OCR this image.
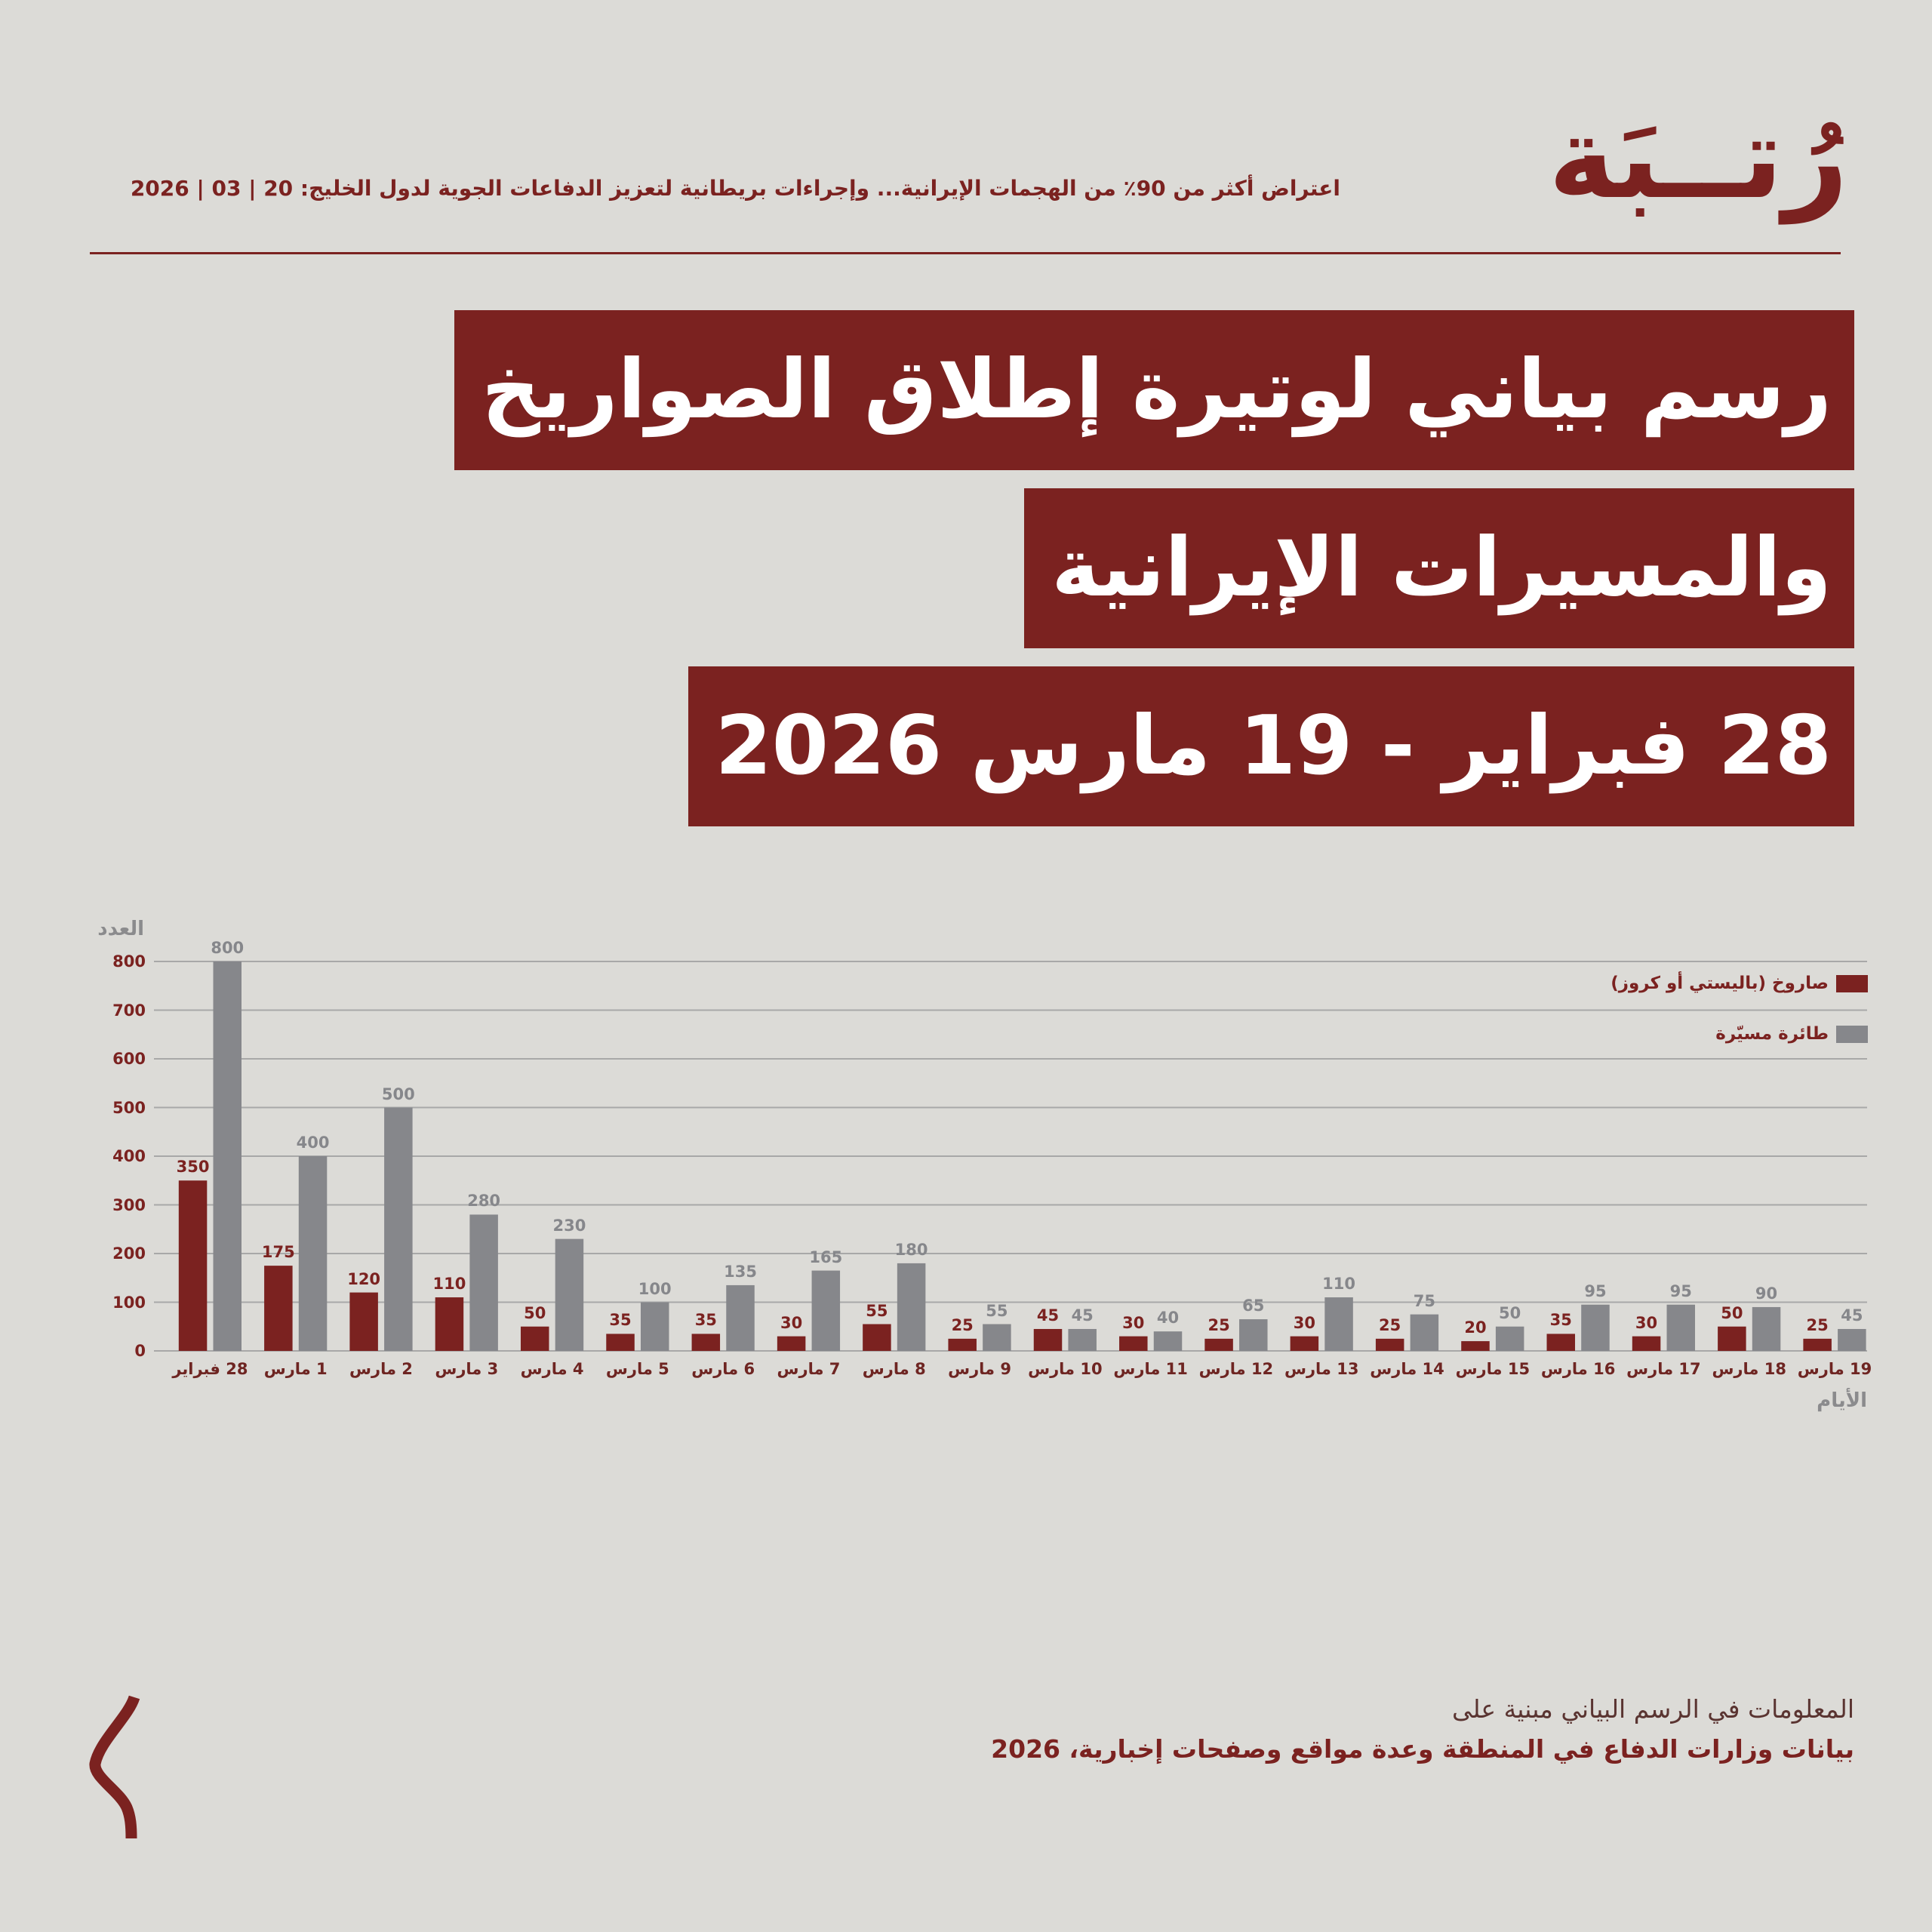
رُتــبَة
اعتراض أكثر من 90٪ من الهجمات الإيرانية... وإجراءات بريطانية لتعزيز الدفاعات الجوية لدول الخليج: 20 | 03 | 2026
رسم بياني لوتيرة إطلاق الصواريخ
والمسيرات الإيرانية
28 فبراير - 19 مارس 2026
العدد
الأيام
صاروخ (باليستي أو كروز)
طائرة مسيّرة
0
100
200
300
400
500
600
700
800
350
800
28 فبراير
175
400
1 مارس
120
500
2 مارس
110
280
3 مارس
50
230
4 مارس
35
100
5 مارس
35
135
6 مارس
30
165
7 مارس
55
180
8 مارس
25
55
9 مارس
45 45
10 مارس
30 40
11 مارس
25
65
12 مارس
30
110
13 مارس
25
75
14 مارس
20
50
15 مارس
35
95
16 مارس
30
95
17 مارس
50
90
18 مارس
25
45
19 مارس
المعلومات في الرسم البياني مبنية على
بيانات وزارات الدفاع في المنطقة وعدة مواقع وصفحات إخبارية، 2026
